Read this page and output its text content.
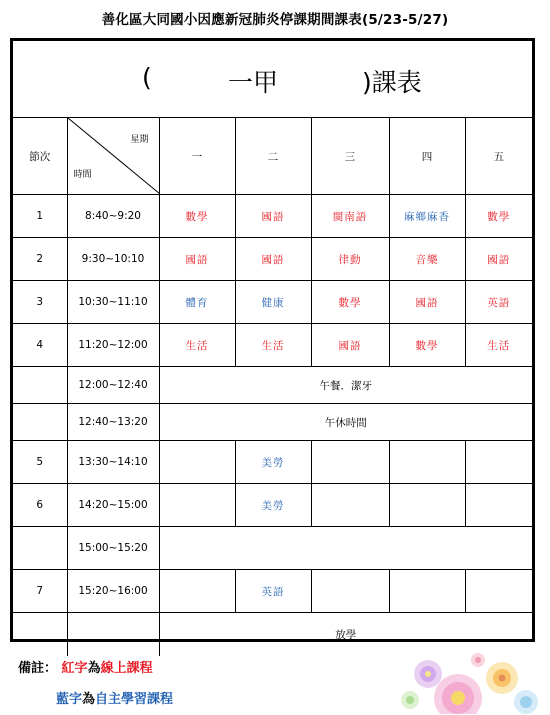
善化區大同國小因應新冠肺炎停課期間課表(5/23-5/27)
(	一甲	)課表
節次	星期
時間	一	二	三	四	五
1	8:40~9:20	數學	國語	閩南語	麻鄉麻香	數學
2	9:30~10:10	國語	國語	律動	音樂	國語
3	10:30~11:10	體育	健康	數學	國語	英語
4	11:20~12:00	生活	生活	國語	數學	生活
	12:00~12:40	午餐．潔牙				
	12:40~13:20	午休時間				
5	13:30~14:10		美勞			
6	14:20~15:00		美勞			
	15:00~15:20					
7	15:20~16:00		英語			
		放學				
備註： 紅字為線上課程
藍字為自主學習課程
